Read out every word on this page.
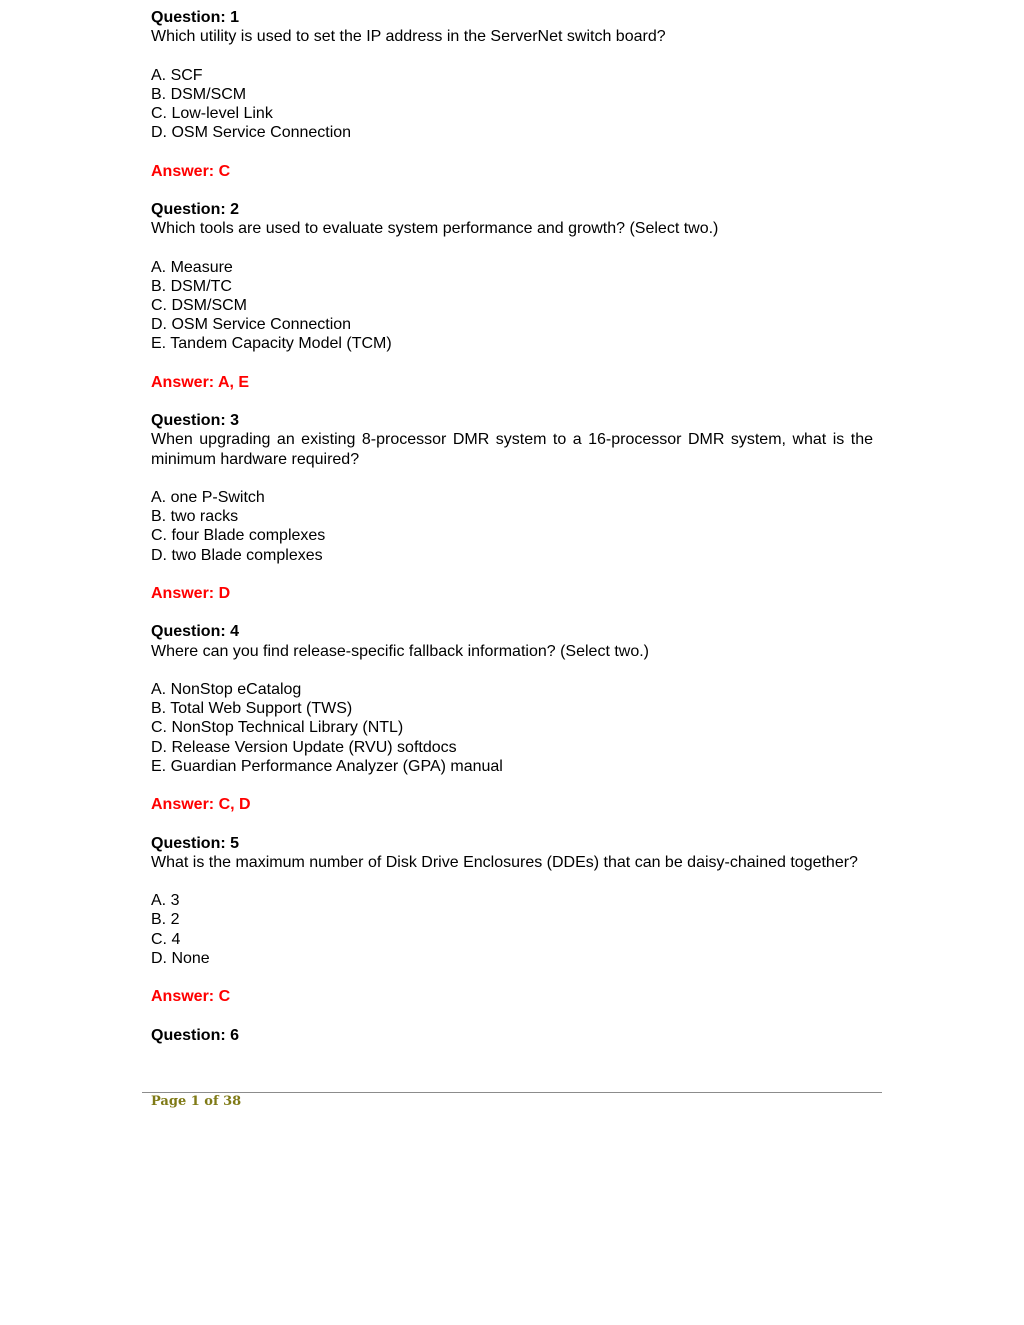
Question: 1

Which utility is used to set the IP address in the ServerNet switch board?

A. SCF
B. DSM/SCM
C. Low-level Link
D. OSM Service Connection

Answer: C

Question: 2

Which tools are used to evaluate system performance and growth? (Select two.)

A. Measure
B. DSM/TC
C. DSM/SCM
D. OSM Service Connection
E. Tandem Capacity Model (TCM)

Answer: A, E

Question: 3

When upgrading an existing 8-processor DMR system to a 16-processor DMR system, what is the minimum hardware required?

A. one P-Switch
B. two racks
C. four Blade complexes
D. two Blade complexes

Answer: D

Question: 4

Where can you find release-specific fallback information? (Select two.)

A. NonStop eCatalog
B. Total Web Support (TWS)
C. NonStop Technical Library (NTL)
D. Release Version Update (RVU) softdocs
E. Guardian Performance Analyzer (GPA) manual

Answer: C, D

Question: 5

What is the maximum number of Disk Drive Enclosures (DDEs) that can be daisy-chained together?

A. 3
B. 2
C. 4
D. None

Answer: C

Question: 6

Page 1 of 38
